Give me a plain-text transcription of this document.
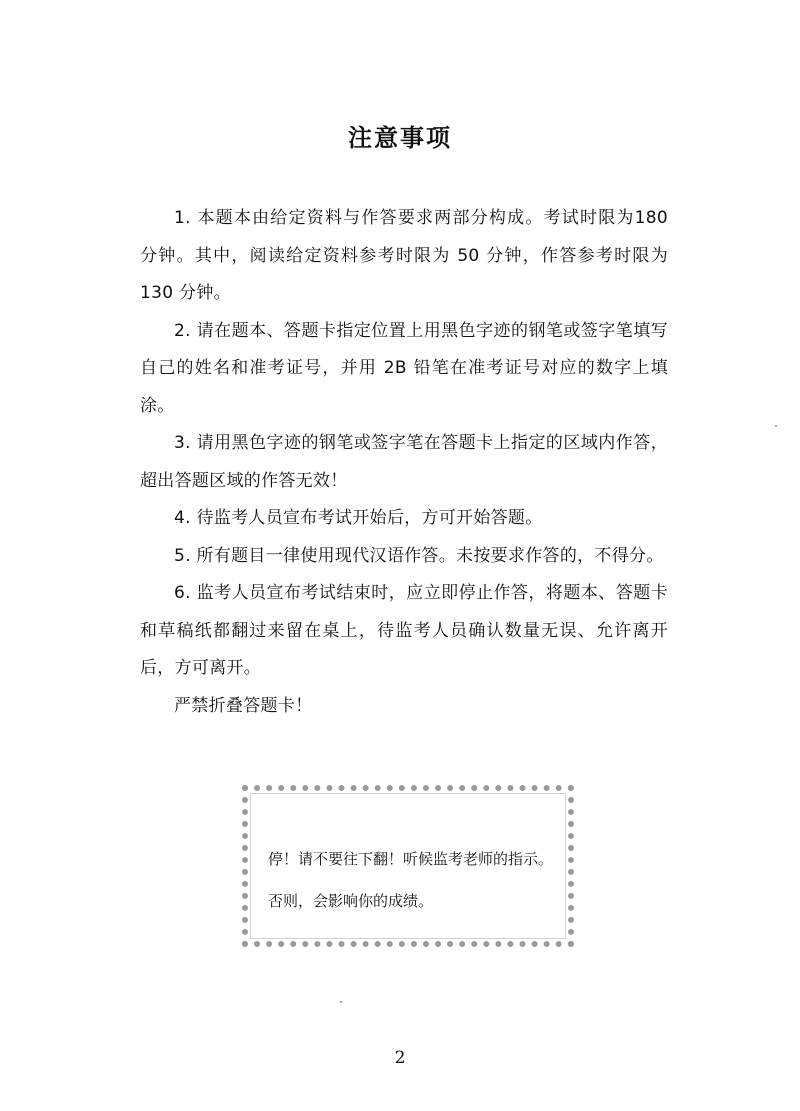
注意事项

1. 本题本由给定资料与作答要求两部分构成。考试时限为180 分钟。其中，阅读给定资料参考时限为 50 分钟，作答参考时限为 130 分钟。

2. 请在题本、答题卡指定位置上用黑色字迹的钢笔或签字笔填写自己的姓名和准考证号，并用 2B 铅笔在准考证号对应的数字上填涂。

3. 请用黑色字迹的钢笔或签字笔在答题卡上指定的区域内作答，超出答题区域的作答无效！

4. 待监考人员宣布考试开始后，方可开始答题。

5. 所有题目一律使用现代汉语作答。未按要求作答的，不得分。

6. 监考人员宣布考试结束时，应立即停止作答，将题本、答题卡和草稿纸都翻过来留在桌上，待监考人员确认数量无误、允许离开后，方可离开。

严禁折叠答题卡！

停！请不要往下翻！听候监考老师的指示。
否则，会影响你的成绩。
2
